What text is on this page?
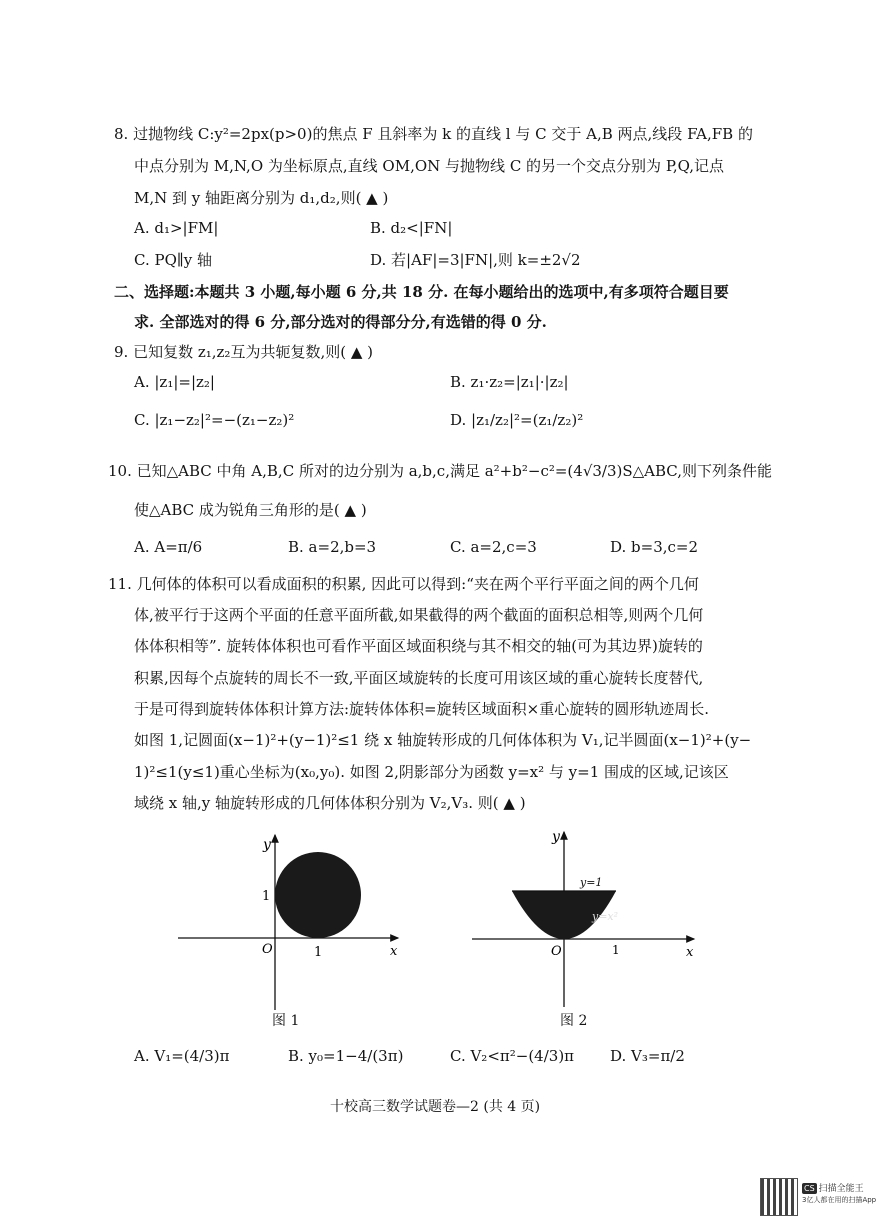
8. 过抛物线 C:y²=2px(p>0)的焦点 F 且斜率为 k 的直线 l 与 C 交于 A,B 两点,线段 FA,FB 的
中点分别为 M,N,O 为坐标原点,直线 OM,ON 与抛物线 C 的另一个交点分别为 P,Q,记点
M,N 到 y 轴距离分别为 d₁,d₂,则( ▲ )
A. d₁>|FM|	B. d₂<|FN|
C. PQ∥y 轴	D. 若|AF|=3|FN|,则 k=±2√2
二、选择题:本题共 3 小题,每小题 6 分,共 18 分. 在每小题给出的选项中,有多项符合题目要
求. 全部选对的得 6 分,部分选对的得部分分,有选错的得 0 分.
9. 已知复数 z₁,z₂互为共轭复数,则( ▲ )
A. |z₁|=|z₂|	B. z₁·z₂=|z₁|·|z₂|
C. |z₁−z₂|²=−(z₁−z₂)²	D. |z₁/z₂|²=(z₁/z₂)²
10. 已知△ABC 中角 A,B,C 所对的边分别为 a,b,c,满足 a²+b²−c²=(4√3/3)S△ABC,则下列条件能
使△ABC 成为锐角三角形的是( ▲ )
A. A=π/6	B. a=2,b=3	C. a=2,c=3	D. b=3,c=2
11. 几何体的体积可以看成面积的积累, 因此可以得到:“夹在两个平行平面之间的两个几何
体,被平行于这两个平面的任意平面所截,如果截得的两个截面的面积总相等,则两个几何
体体积相等”. 旋转体体积也可看作平面区域面积绕与其不相交的轴(可为其边界)旋转的
积累,因每个点旋转的周长不一致,平面区域旋转的长度可用该区域的重心旋转长度替代,
于是可得到旋转体体积计算方法:旋转体体积=旋转区域面积×重心旋转的圆形轨迹周长.
如图 1,记圆面(x−1)²+(y−1)²≤1 绕 x 轴旋转形成的几何体体积为 V₁,记半圆面(x−1)²+(y−
1)²≤1(y≤1)重心坐标为(x₀,y₀). 如图 2,阴影部分为函数 y=x² 与 y=1 围成的区域,记该区
域绕 x 轴,y 轴旋转形成的几何体体积分别为 V₂,V₃. 则( ▲ )
y
x
O	1
1
图 1
y
x
O	1
y=1
y=x²
图 2
A. V₁=(4/3)π	B. y₀=1−4/(3π)	C. V₂<π²−(4/3)π D. V₃=π/2
十校高三数学试题卷—2 (共 4 页)
CS 扫描全能王
3亿人都在用的扫描App
